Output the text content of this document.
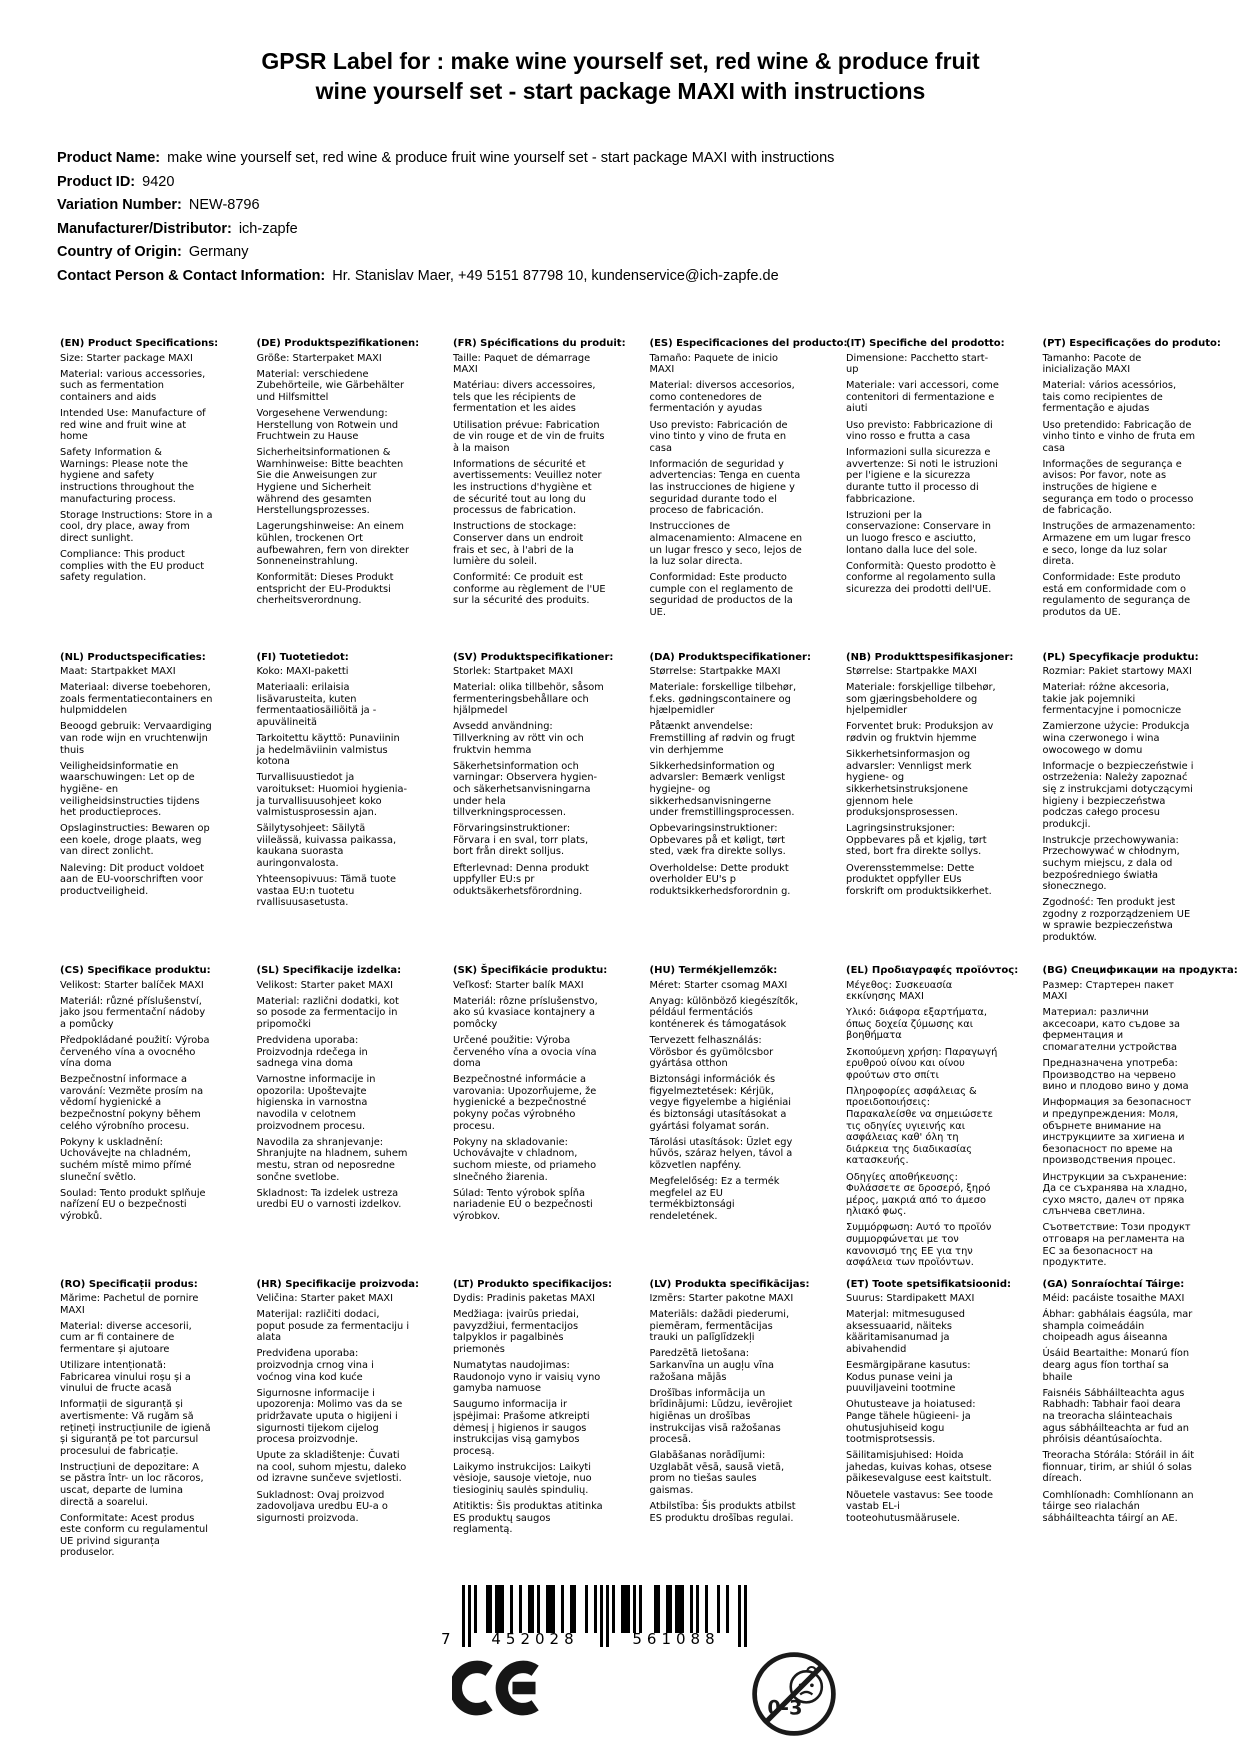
GPSR Label for : make wine yourself set, red wine & produce fruit
wine yourself set - start package MAXI with instructions
Product Name: make wine yourself set, red wine & produce fruit wine yourself set - start package MAXI with instructions
Product ID: 9420
Variation Number: NEW-8796
Manufacturer/Distributor: ich-zapfe
Country of Origin: Germany
Contact Person & Contact Information: Hr. Stanislav Maer, +49 5151 87798 10, kundenservice@ich-zapfe.de
(EN) Product Specifications:

Size: Starter package MAXI

Material: various accessories, such as fermentation containers and aids

Intended Use: Manufacture of red wine and fruit wine at home

Safety Information & Warnings: Please note the hygiene and safety instructions throughout the manufacturing process.

Storage Instructions: Store in a cool, dry place, away from direct sunlight.

Compliance: This product complies with the EU product safety regulation.

(DE) Produktspezifikationen:

Größe: Starterpaket MAXI

Material: verschiedene Zubehörteile, wie Gärbehälter und Hilfsmittel

Vorgesehene Verwendung: Herstellung von Rotwein und Fruchtwein zu Hause

Sicherheitsinformationen & Warnhinweise: Bitte beachten Sie die Anweisungen zur Hygiene und Sicherheit während des gesamten Herstellungsprozesses.

Lagerungshinweise: An einem kühlen, trockenen Ort aufbewahren, fern von direkter Sonneneinstrahlung.

Konformität: Dieses Produkt entspricht der EU-Produktsi cherheitsverordnung.

(FR) Spécifications du produit:

Taille: Paquet de démarrage MAXI

Matériau: divers accessoires, tels que les récipients de fermentation et les aides

Utilisation prévue: Fabrication de vin rouge et de vin de fruits à la maison

Informations de sécurité et avertissements: Veuillez noter les instructions d'hygiène et de sécurité tout au long du processus de fabrication.

Instructions de stockage: Conserver dans un endroit frais et sec, à l'abri de la lumière du soleil.

Conformité: Ce produit est conforme au règlement de l'UE sur la sécurité des produits.

(ES) Especificaciones del producto:

Tamaño: Paquete de inicio MAXI

Material: diversos accesorios, como contenedores de fermentación y ayudas

Uso previsto: Fabricación de vino tinto y vino de fruta en casa

Información de seguridad y advertencias: Tenga en cuenta las instrucciones de higiene y seguridad durante todo el proceso de fabricación.

Instrucciones de almacenamiento: Almacene en un lugar fresco y seco, lejos de la luz solar directa.

Conformidad: Este producto cumple con el reglamento de seguridad de productos de la UE.

(IT) Specifiche del prodotto:

Dimensione: Pacchetto start-up

Materiale: vari accessori, come contenitori di fermentazione e aiuti

Uso previsto: Fabbricazione di vino rosso e frutta a casa

Informazioni sulla sicurezza e avvertenze: Si noti le istruzioni per l'igiene e la sicurezza durante tutto il processo di fabbricazione.

Istruzioni per la conservazione: Conservare in un luogo fresco e asciutto, lontano dalla luce del sole.

Conformità: Questo prodotto è conforme al regolamento sulla sicurezza dei prodotti dell'UE.

(PT) Especificações do produto:

Tamanho: Pacote de inicialização MAXI

Material: vários acessórios, tais como recipientes de fermentação e ajudas

Uso pretendido: Fabricação de vinho tinto e vinho de fruta em casa

Informações de segurança e avisos: Por favor, note as instruções de higiene e segurança em todo o processo de fabricação.

Instruções de armazenamento: Armazene em um lugar fresco e seco, longe da luz solar direta.

Conformidade: Este produto está em conformidade com o regulamento de segurança de produtos da UE.

(NL) Productspecificaties:

Maat: Startpakket MAXI

Materiaal: diverse toebehoren, zoals fermentatiecontainers en hulpmiddelen

Beoogd gebruik: Vervaardiging van rode wijn en vruchtenwijn thuis

Veiligheidsinformatie en waarschuwingen: Let op de hygiëne- en veiligheidsinstructies tijdens het productieproces.

Opslaginstructies: Bewaren op een koele, droge plaats, weg van direct zonlicht.

Naleving: Dit product voldoet aan de EU-voorschriften voor productveiligheid.

(FI) Tuotetiedot:

Koko: MAXI-paketti

Materiaali: erilaisia lisävarusteita, kuten fermentaatiosäiliöitä ja -apuvälineitä

Tarkoitettu käyttö: Punaviinin ja hedelmäviinin valmistus kotona

Turvallisuustiedot ja varoitukset: Huomioi hygienia- ja turvallisuusohjeet koko valmistusprosessin ajan.

Säilytysohjeet: Säilytä viileässä, kuivassa paikassa, kaukana suorasta auringonvalosta.

Yhteensopivuus: Tämä tuote vastaa EU:n tuotetu rvallisuusasetusta.

(SV) Produktspecifikationer:

Storlek: Startpaket MAXI

Material: olika tillbehör, såsom fermenteringsbehållare och hjälpmedel

Avsedd användning: Tillverkning av rött vin och fruktvin hemma

Säkerhetsinformation och varningar: Observera hygien- och säkerhetsanvisningarna under hela tillverkningsprocessen.

Förvaringsinstruktioner: Förvara i en sval, torr plats, bort från direkt solljus.

Efterlevnad: Denna produkt uppfyller EU:s pr oduktsäkerhetsförordning.

(DA) Produktspecifikationer:

Størrelse: Startpakke MAXI

Materiale: forskellige tilbehør, f.eks. gødningscontainere og hjælpemidler

Påtænkt anvendelse: Fremstilling af rødvin og frugt vin derhjemme

Sikkerhedsinformation og advarsler: Bemærk venligst hygiejne- og sikkerhedsanvisningerne under fremstillingsprocessen.

Opbevaringsinstruktioner: Opbevares på et køligt, tørt sted, væk fra direkte sollys.

Overholdelse: Dette produkt overholder EU's p roduktsikkerhedsforordnin g.

(NB) Produkttspesifikasjoner:

Størrelse: Startpakke MAXI

Materiale: forskjellige tilbehør, som gjæringsbeholdere og hjelpemidler

Forventet bruk: Produksjon av rødvin og fruktvin hjemme

Sikkerhetsinformasjon og advarsler: Vennligst merk hygiene- og sikkerhetsinstruksjonene gjennom hele produksjonsprosessen.

Lagringsinstruksjoner: Oppbevares på et kjølig, tørt sted, bort fra direkte sollys.

Overensstemmelse: Dette produktet oppfyller EUs forskrift om produktsikkerhet.

(PL) Specyfikacje produktu:

Rozmiar: Pakiet startowy MAXI

Materiał: różne akcesoria, takie jak pojemniki fermentacyjne i pomocnicze

Zamierzone użycie: Produkcja wina czerwonego i wina owocowego w domu

Informacje o bezpieczeństwie i ostrzeżenia: Należy zapoznać się z instrukcjami dotyczącymi higieny i bezpieczeństwa podczas całego procesu produkcji.

Instrukcje przechowywania: Przechowywać w chłodnym, suchym miejscu, z dala od bezpośredniego światła słonecznego.

Zgodność: Ten produkt jest zgodny z rozporządzeniem UE w sprawie bezpieczeństwa produktów.

(CS) Specifikace produktu:

Velikost: Starter balíček MAXI

Materiál: různé příslušenství, jako jsou fermentační nádoby a pomůcky

Předpokládané použití: Výroba červeného vína a ovocného vína doma

Bezpečnostní informace a varování: Vezměte prosím na vědomí hygienické a bezpečnostní pokyny během celého výrobního procesu.

Pokyny k uskladnění: Uchovávejte na chladném, suchém místě mimo přímé sluneční světlo.

Soulad: Tento produkt splňuje nařízení EU o bezpečnosti výrobků.

(SL) Specifikacije izdelka:

Velikost: Starter paket MAXI

Material: različni dodatki, kot so posode za fermentacijo in pripomočki

Predvidena uporaba: Proizvodnja rdečega in sadnega vina doma

Varnostne informacije in opozorila: Upoštevajte higienska in varnostna navodila v celotnem proizvodnem procesu.

Navodila za shranjevanje: Shranjujte na hladnem, suhem mestu, stran od neposredne sončne svetlobe.

Skladnost: Ta izdelek ustreza uredbi EU o varnosti izdelkov.

(SK) Špecifikácie produktu:

Veľkosť: Starter balík MAXI

Materiál: rôzne príslušenstvo, ako sú kvasiace kontajnery a pomôcky

Určené použitie: Výroba červeného vína a ovocia vína doma

Bezpečnostné informácie a varovania: Upozorňujeme, že hygienické a bezpečnostné pokyny počas výrobného procesu.

Pokyny na skladovanie: Uchovávajte v chladnom, suchom mieste, od priameho slnečného žiarenia.

Súlad: Tento výrobok spĺňa nariadenie EÚ o bezpečnosti výrobkov.

(HU) Termékjellemzők:

Méret: Starter csomag MAXI

Anyag: különböző kiegészítők, például fermentációs konténerek és támogatások

Tervezett felhasználás: Vörösbor és gyümölcsbor gyártása otthon

Biztonsági információk és figyelmeztetések: Kérjük, vegye figyelembe a higiéniai és biztonsági utasításokat a gyártási folyamat során.

Tárolási utasítások: Üzlet egy hűvös, száraz helyen, távol a közvetlen napfény.

Megfelelőség: Ez a termék megfelel az EU termékbiztonsági rendeletének.

(EL) Προδιαγραφές προϊόντος:

Μέγεθος: Συσκευασία εκκίνησης MAXI

Υλικό: διάφορα εξαρτήματα, όπως δοχεία ζύμωσης και βοηθήματα

Σκοπούμενη χρήση: Παραγωγή ερυθρού οίνου και οίνου φρούτων στο σπίτι

Πληροφορίες ασφάλειας & προειδοποιήσεις: Παρακαλείσθε να σημειώσετε τις οδηγίες υγιεινής και ασφάλειας καθ' όλη τη διάρκεια της διαδικασίας κατασκευής.

Οδηγίες αποθήκευσης: Φυλάσσετε σε δροσερό, ξηρό μέρος, μακριά από το άμεσο ηλιακό φως.

Συμμόρφωση: Αυτό το προϊόν συμμορφώνεται με τον κανονισμό της ΕΕ για την ασφάλεια των προϊόντων.

(BG) Спецификации на продукта:

Размер: Стартерен пакет MAXI

Материал: различни аксесоари, като съдове за ферментация и спомагателни устройства

Предназначена употреба: Производство на червено вино и плодово вино у дома

Информация за безопасност и предупреждения: Моля, обърнете внимание на инструкциите за хигиена и безопасност по време на производствения процес.

Инструкции за съхранение: Да се съхранява на хладно, сухо място, далеч от пряка слънчева светлина.

Съответствие: Този продукт отговаря на регламента на ЕС за безопасност на продуктите.

(RO) Specificații produs:

Mărime: Pachetul de pornire MAXI

Material: diverse accesorii, cum ar fi containere de fermentare și ajutoare

Utilizare intenționată: Fabricarea vinului roșu și a vinului de fructe acasă

Informații de siguranță și avertismente: Vă rugăm să rețineți instrucțiunile de igienă și siguranță pe tot parcursul procesului de fabricație.

Instrucțiuni de depozitare: A se păstra într- un loc răcoros, uscat, departe de lumina directă a soarelui.

Conformitate: Acest produs este conform cu regulamentul UE privind siguranța produselor.

(HR) Specifikacije proizvoda:

Veličina: Starter paket MAXI

Materijal: različiti dodaci, poput posude za fermentaciju i alata

Predviđena uporaba: proizvodnja crnog vina i voćnog vina kod kuće

Sigurnosne informacije i upozorenja: Molimo vas da se pridržavate uputa o higijeni i sigurnosti tijekom cijelog procesa proizvodnje.

Upute za skladištenje: Čuvati na cool, suhom mjestu, daleko od izravne sunčeve svjetlosti.

Sukladnost: Ovaj proizvod zadovoljava uredbu EU-a o sigurnosti proizvoda.

(LT) Produkto specifikacijos:

Dydis: Pradinis paketas MAXI

Medžiaga: įvairūs priedai, pavyzdžiui, fermentacijos talpyklos ir pagalbinės priemonės

Numatytas naudojimas: Raudonojo vyno ir vaisių vyno gamyba namuose

Saugumo informacija ir įspėjimai: Prašome atkreipti dėmesį į higienos ir saugos instrukcijas visą gamybos procesą.

Laikymo instrukcijos: Laikyti vėsioje, sausoje vietoje, nuo tiesioginių saulės spindulių.

Atitiktis: Šis produktas atitinka ES produktų saugos reglamentą.

(LV) Produkta specifikācijas:

Izmērs: Starter pakotne MAXI

Materiāls: dažādi piederumi, piemēram, fermentācijas trauki un palīglīdzekļi

Paredzētā lietošana: Sarkanvīna un augļu vīna ražošana mājās

Drošības informācija un brīdinājumi: Lūdzu, ievērojiet higiēnas un drošības instrukcijas visā ražošanas procesā.

Glabāšanas norādījumi: Uzglabāt vēsā, sausā vietā, prom no tiešas saules gaismas.

Atbilstība: Šis produkts atbilst ES produktu drošības regulai.

(ET) Toote spetsifikatsioonid:

Suurus: Stardipakett MAXI

Materjal: mitmesugused aksessuaarid, näiteks kääritamisanumad ja abivahendid

Eesmärgipärane kasutus: Kodus punase veini ja puuviljaveini tootmine

Ohutusteave ja hoiatused: Pange tähele hügieeni- ja ohutusjuhiseid kogu tootmisprotsessis.

Säilitamisjuhised: Hoida jahedas, kuivas kohas, otsese päikesevalguse eest kaitstult.

Nõuetele vastavus: See toode vastab EL-i tooteohutusmäärusele.

(GA) Sonraíochtaí Táirge:

Méid: pacáiste tosaithe MAXI

Ábhar: gabhálais éagsúla, mar shampla coimeádáin choipeadh agus áiseanna

Úsáid Beartaithe: Monarú fíon dearg agus fíon torthaí sa bhaile

Faisnéis Sábháilteachta agus Rabhadh: Tabhair faoi deara na treoracha sláinteachais agus sábháilteachta ar fud an phróisis déantúsaíochta.

Treoracha Stórála: Stóráil in áit fionnuar, tirim, ar shiúl ó solas díreach.

Comhlíonadh: Comhlíonann an táirge seo rialachán sábháilteachta táirgí an AE.

7	452028	561088
0-3
